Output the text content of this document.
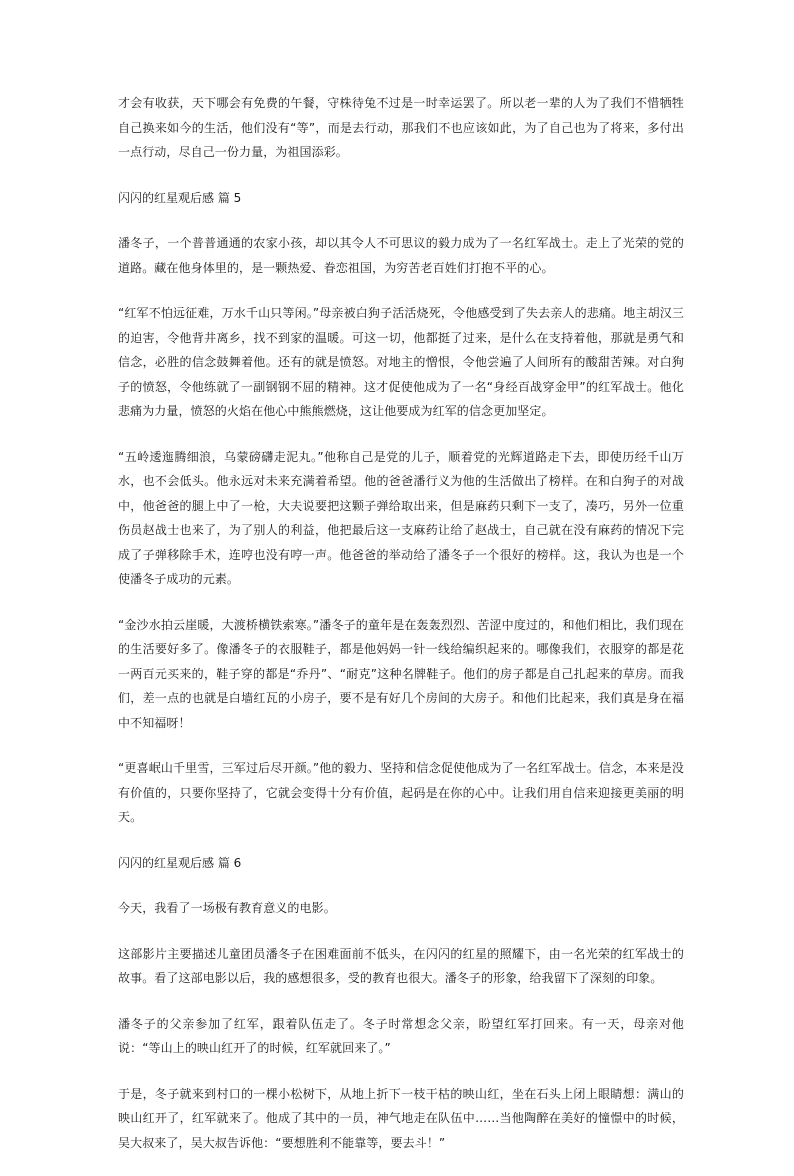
才会有收获，天下哪会有免费的午餐，守株待兔不过是一时幸运罢了。所以老一辈的人为了我们不惜牺牲自己换来如今的生活，他们没有“等”，而是去行动，那我们不也应该如此，为了自己也为了将来，多付出一点行动，尽自己一份力量，为祖国添彩。

闪闪的红星观后感 篇 5

潘冬子，一个普普通通的农家小孩，却以其令人不可思议的毅力成为了一名红军战士。走上了光荣的党的道路。藏在他身体里的，是一颗热爱、眷恋祖国，为穷苦老百姓们打抱不平的心。

“红军不怕远征难，万水千山只等闲。”母亲被白狗子活活烧死，令他感受到了失去亲人的悲痛。地主胡汉三的迫害，令他背井离乡，找不到家的温暖。可这一切，他都挺了过来，是什么在支持着他，那就是勇气和信念，必胜的信念鼓舞着他。还有的就是愤怒。对地主的憎恨，令他尝遍了人间所有的酸甜苦辣。对白狗子的愤怒，令他练就了一副钢钢不屈的精神。这才促使他成为了一名“身经百战穿金甲”的红军战士。他化悲痛为力量，愤怒的火焰在他心中熊熊燃烧，这让他要成为红军的信念更加坚定。

“五岭逶迤腾细浪，乌蒙磅礴走泥丸。”他称自己是党的儿子，顺着党的光辉道路走下去，即使历经千山万水，也不会低头。他永远对未来充满着希望。他的爸爸潘行义为他的生活做出了榜样。在和白狗子的对战中，他爸爸的腿上中了一枪，大夫说要把这颗子弹给取出来，但是麻药只剩下一支了，凑巧，另外一位重伤员赵战士也来了，为了别人的利益，他把最后这一支麻药让给了赵战士，自己就在没有麻药的情况下完成了子弹移除手术，连哼也没有哼一声。他爸爸的举动给了潘冬子一个很好的榜样。这，我认为也是一个使潘冬子成功的元素。

“金沙水拍云崖暖，大渡桥横铁索寒。”潘冬子的童年是在轰轰烈烈、苦涩中度过的，和他们相比，我们现在的生活要好多了。像潘冬子的衣服鞋子，都是他妈妈一针一线给编织起来的。哪像我们，衣服穿的都是花一两百元买来的，鞋子穿的都是“乔丹”、“耐克”这种名牌鞋子。他们的房子都是自己扎起来的草房。而我们，差一点的也就是白墙红瓦的小房子，要不是有好几个房间的大房子。和他们比起来，我们真是身在福中不知福呀！

“更喜岷山千里雪，三军过后尽开颜。”他的毅力、坚持和信念促使他成为了一名红军战士。信念，本来是没有价值的，只要你坚持了，它就会变得十分有价值，起码是在你的心中。让我们用自信来迎接更美丽的明天。

闪闪的红星观后感 篇 6

今天，我看了一场极有教育意义的电影。

这部影片主要描述儿童团员潘冬子在困难面前不低头，在闪闪的红星的照耀下，由一名光荣的红军战士的故事。看了这部电影以后，我的感想很多，受的教育也很大。潘冬子的形象，给我留下了深刻的印象。

潘冬子的父亲参加了红军，跟着队伍走了。冬子时常想念父亲，盼望红军打回来。有一天，母亲对他说：“等山上的映山红开了的时候，红军就回来了。”

于是，冬子就来到村口的一棵小松树下，从地上折下一枝干枯的映山红，坐在石头上闭上眼睛想：满山的映山红开了，红军就来了。他成了其中的一员，神气地走在队伍中……当他陶醉在美好的憧憬中的时候，吴大叔来了，吴大叔告诉他：“要想胜利不能靠等，要去斗！”
